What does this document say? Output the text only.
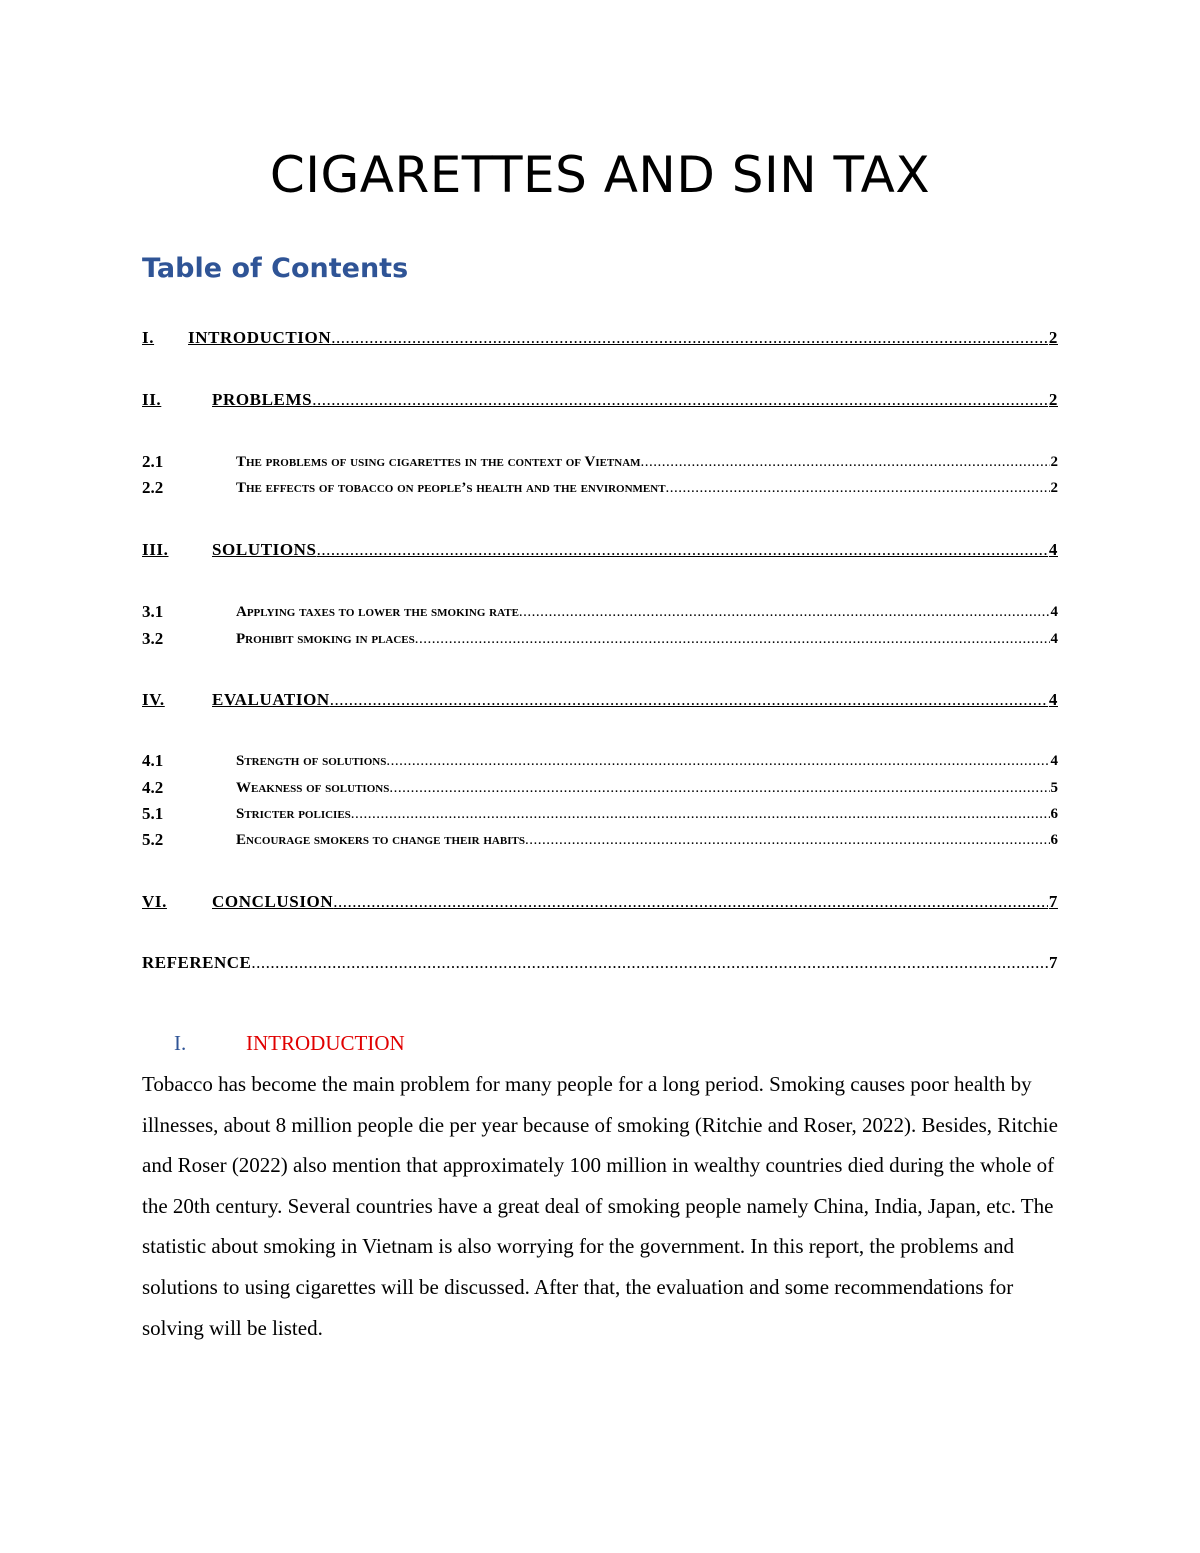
CIGARETTES AND SIN TAX
Table of Contents
I.	INTRODUCTION .....	2
II.	PROBLEMS .....	2
2.1	The problems of using cigarettes in the context of Vietnam .....	2
2.2	The effects of tobacco on people’s health and the environment .....	2
III.	SOLUTIONS .....	4
3.1	Applying taxes to lower the smoking rate .....	4
3.2	Prohibit smoking in places .....	4
IV.	EVALUATION .....	4
4.1	Strength of solutions .....	4
4.2	Weakness of solutions .....	5
5.1	Stricter policies .....	6
5.2	Encourage smokers to change their habits .....	6
VI.	CONCLUSION .....	7
REFERENCE .....	7
I.	INTRODUCTION

Tobacco has become the main problem for many people for a long period. Smoking causes poor health by illnesses, about 8 million people die per year because of smoking (Ritchie and Roser, 2022). Besides, Ritchie and Roser (2022) also mention that approximately 100 million in wealthy countries died during the whole of the 20th century. Several countries have a great deal of smoking people namely China, India, Japan, etc. The statistic about smoking in Vietnam is also worrying for the government. In this report, the problems and solutions to using cigarettes will be discussed. After that, the evaluation and some recommendations for solving will be listed.
